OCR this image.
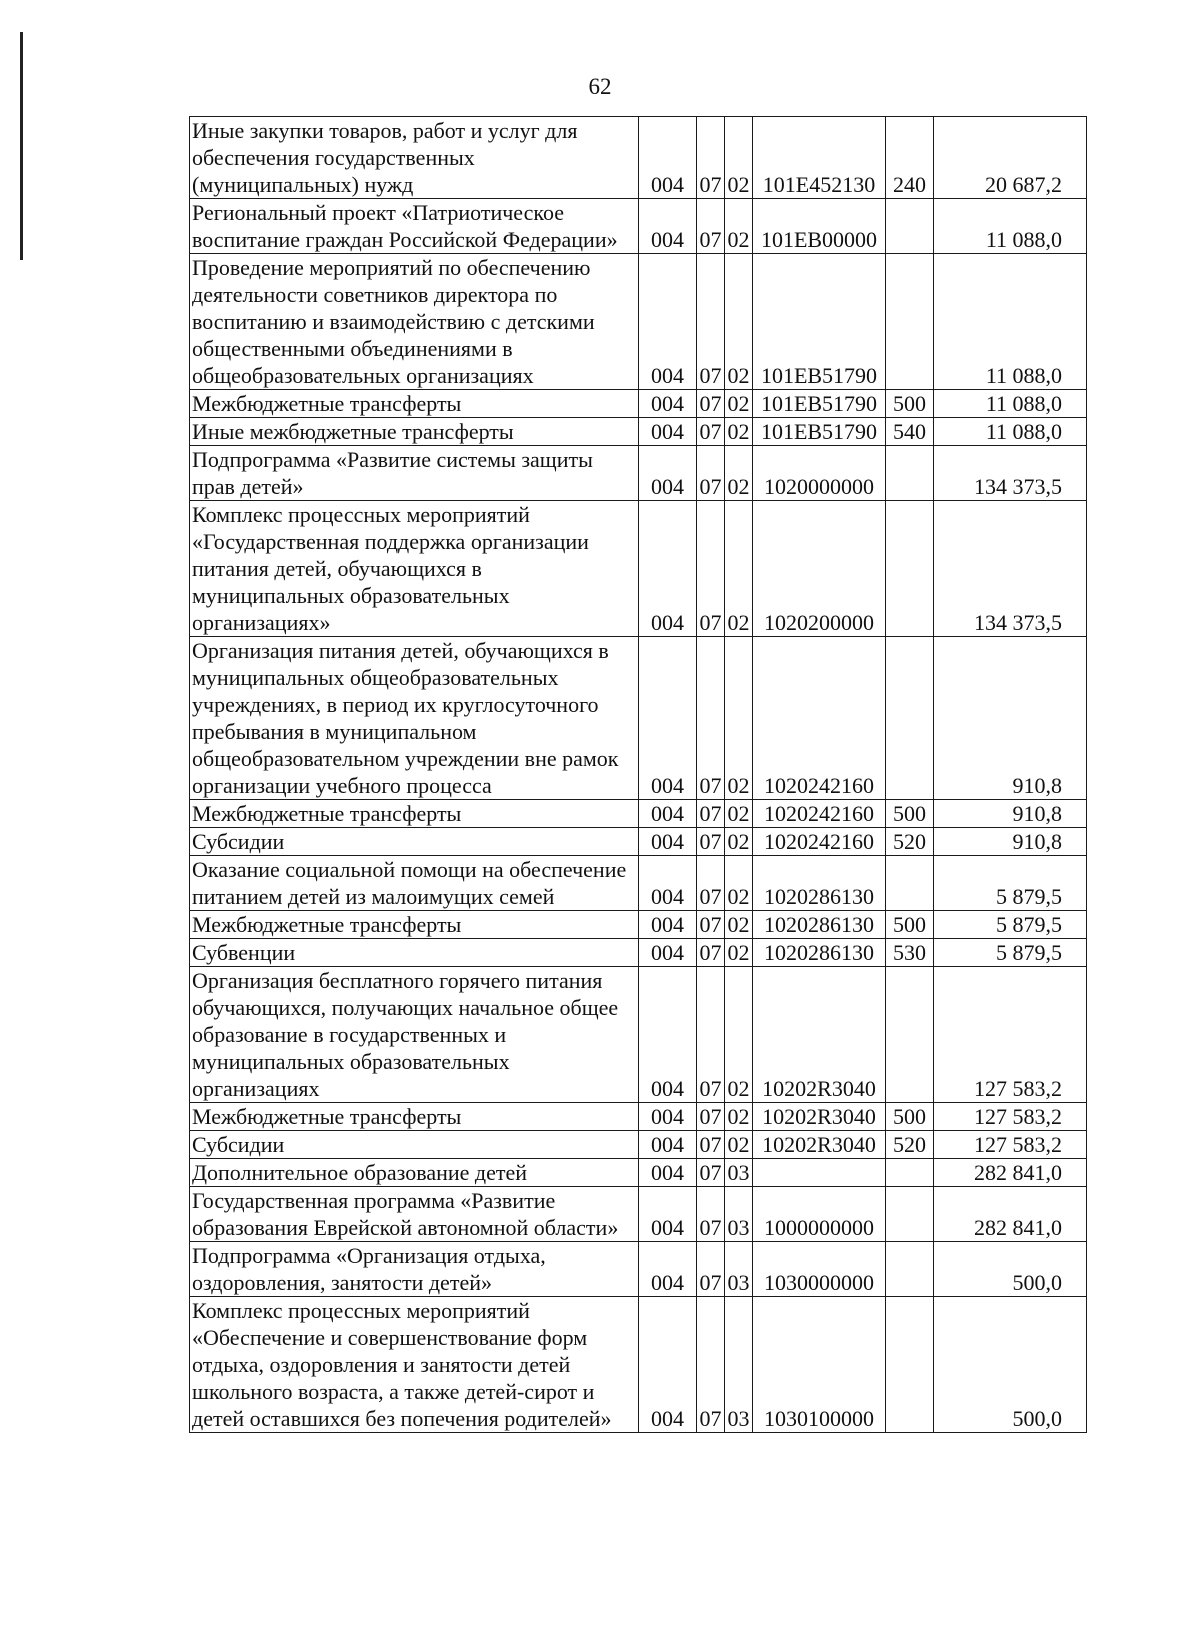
62
Иные закупки товаров, работ и услуг для обеспечения государственных (муниципальных) нужд	004	07	02	101E452130	240	20 687,2
Региональный проект «Патриотическое воспитание граждан Российской Федерации»	004	07	02	101EB00000		11 088,0
Проведение мероприятий по обеспечению деятельности советников директора по воспитанию и взаимодействию с детскими общественными объединениями в общеобразовательных организациях	004	07	02	101EB51790		11 088,0
Межбюджетные трансферты	004	07	02	101EB51790	500	11 088,0
Иные межбюджетные трансферты	004	07	02	101EB51790	540	11 088,0
Подпрограмма «Развитие системы защиты прав детей»	004	07	02	1020000000		134 373,5
Комплекс процессных мероприятий «Государственная поддержка организации питания детей, обучающихся в муниципальных образовательных организациях»	004	07	02	1020200000		134 373,5
Организация питания детей, обучающихся в муниципальных общеобразовательных учреждениях, в период их круглосуточного пребывания в муниципальном общеобразовательном учреждении вне рамок организации учебного процесса	004	07	02	1020242160		910,8
Межбюджетные трансферты	004	07	02	1020242160	500	910,8
Субсидии	004	07	02	1020242160	520	910,8
Оказание социальной помощи на обеспечение питанием детей из малоимущих семей	004	07	02	1020286130		5 879,5
Межбюджетные трансферты	004	07	02	1020286130	500	5 879,5
Субвенции	004	07	02	1020286130	530	5 879,5
Организация бесплатного горячего питания обучающихся, получающих начальное общее образование в государственных и муниципальных образовательных организациях	004	07	02	10202R3040		127 583,2
Межбюджетные трансферты	004	07	02	10202R3040	500	127 583,2
Субсидии	004	07	02	10202R3040	520	127 583,2
Дополнительное образование детей	004	07	03			282 841,0
Государственная программа «Развитие образования Еврейской автономной области»	004	07	03	1000000000		282 841,0
Подпрограмма «Организация отдыха, оздоровления, занятости детей»	004	07	03	1030000000		500,0
Комплекс процессных мероприятий «Обеспечение и совершенствование форм отдыха, оздоровления и занятости детей школьного возраста, а также детей-сирот и детей оставшихся без попечения родителей»	004	07	03	1030100000		500,0
